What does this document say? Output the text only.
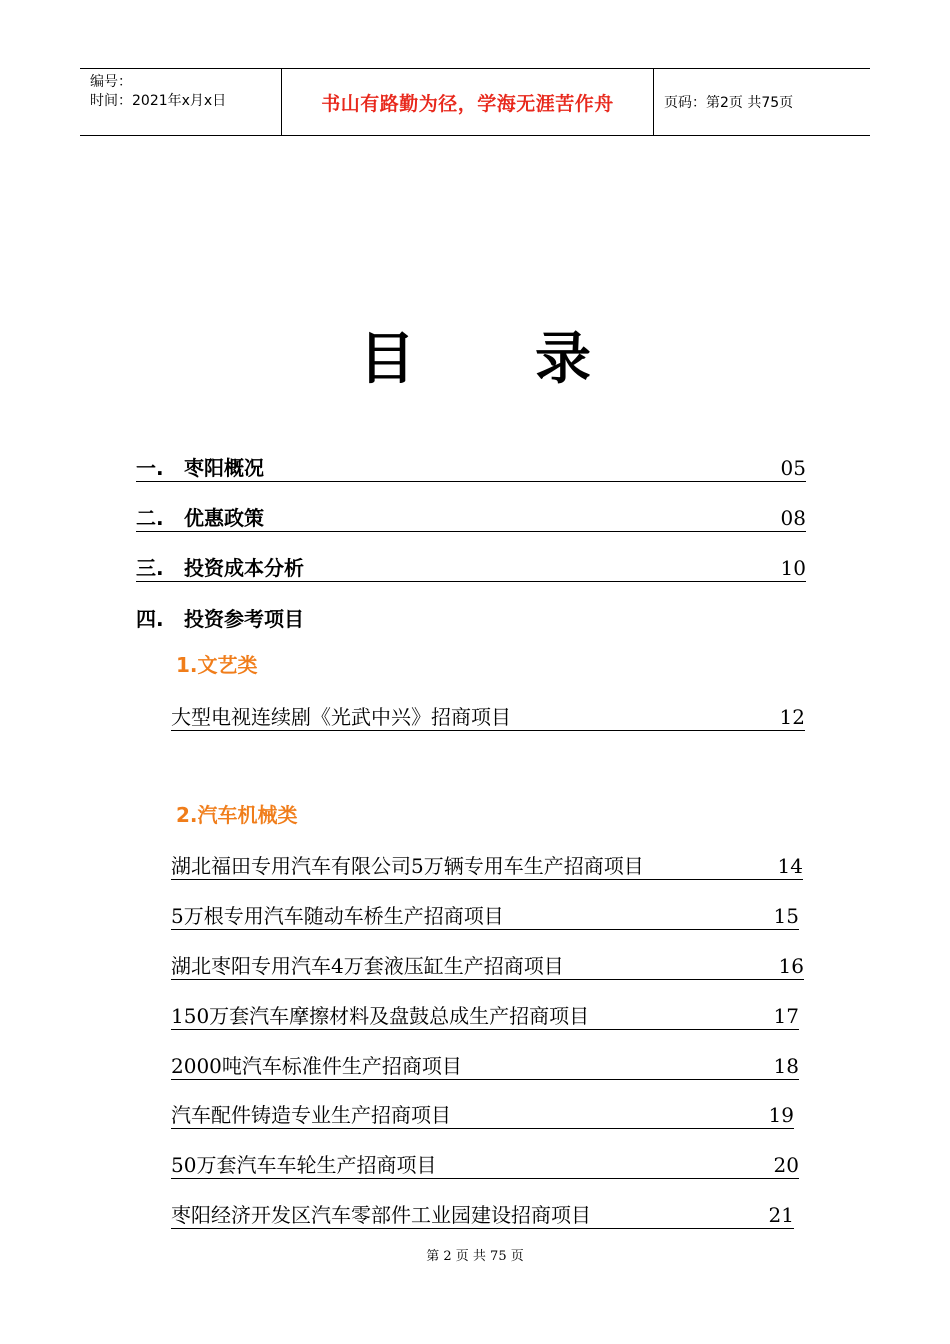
编号：
时间：2021年x月x日	书山有路勤为径，学海无涯苦作舟	页码：第2页 共75页
目 录
一. 枣阳概况	05
二. 优惠政策	08
三. 投资成本分析	10
四. 投资参考项目
1.文艺类
大型电视连续剧《光武中兴》招商项目	12
2.汽车机械类
湖北福田专用汽车有限公司5万辆专用车生产招商项目	14
5万根专用汽车随动车桥生产招商项目	15
湖北枣阳专用汽车4万套液压缸生产招商项目	16
150万套汽车摩擦材料及盘鼓总成生产招商项目	17
2000吨汽车标准件生产招商项目	18
汽车配件铸造专业生产招商项目	19
50万套汽车车轮生产招商项目	20
枣阳经济开发区汽车零部件工业园建设招商项目	21
第 2 页 共 75 页
